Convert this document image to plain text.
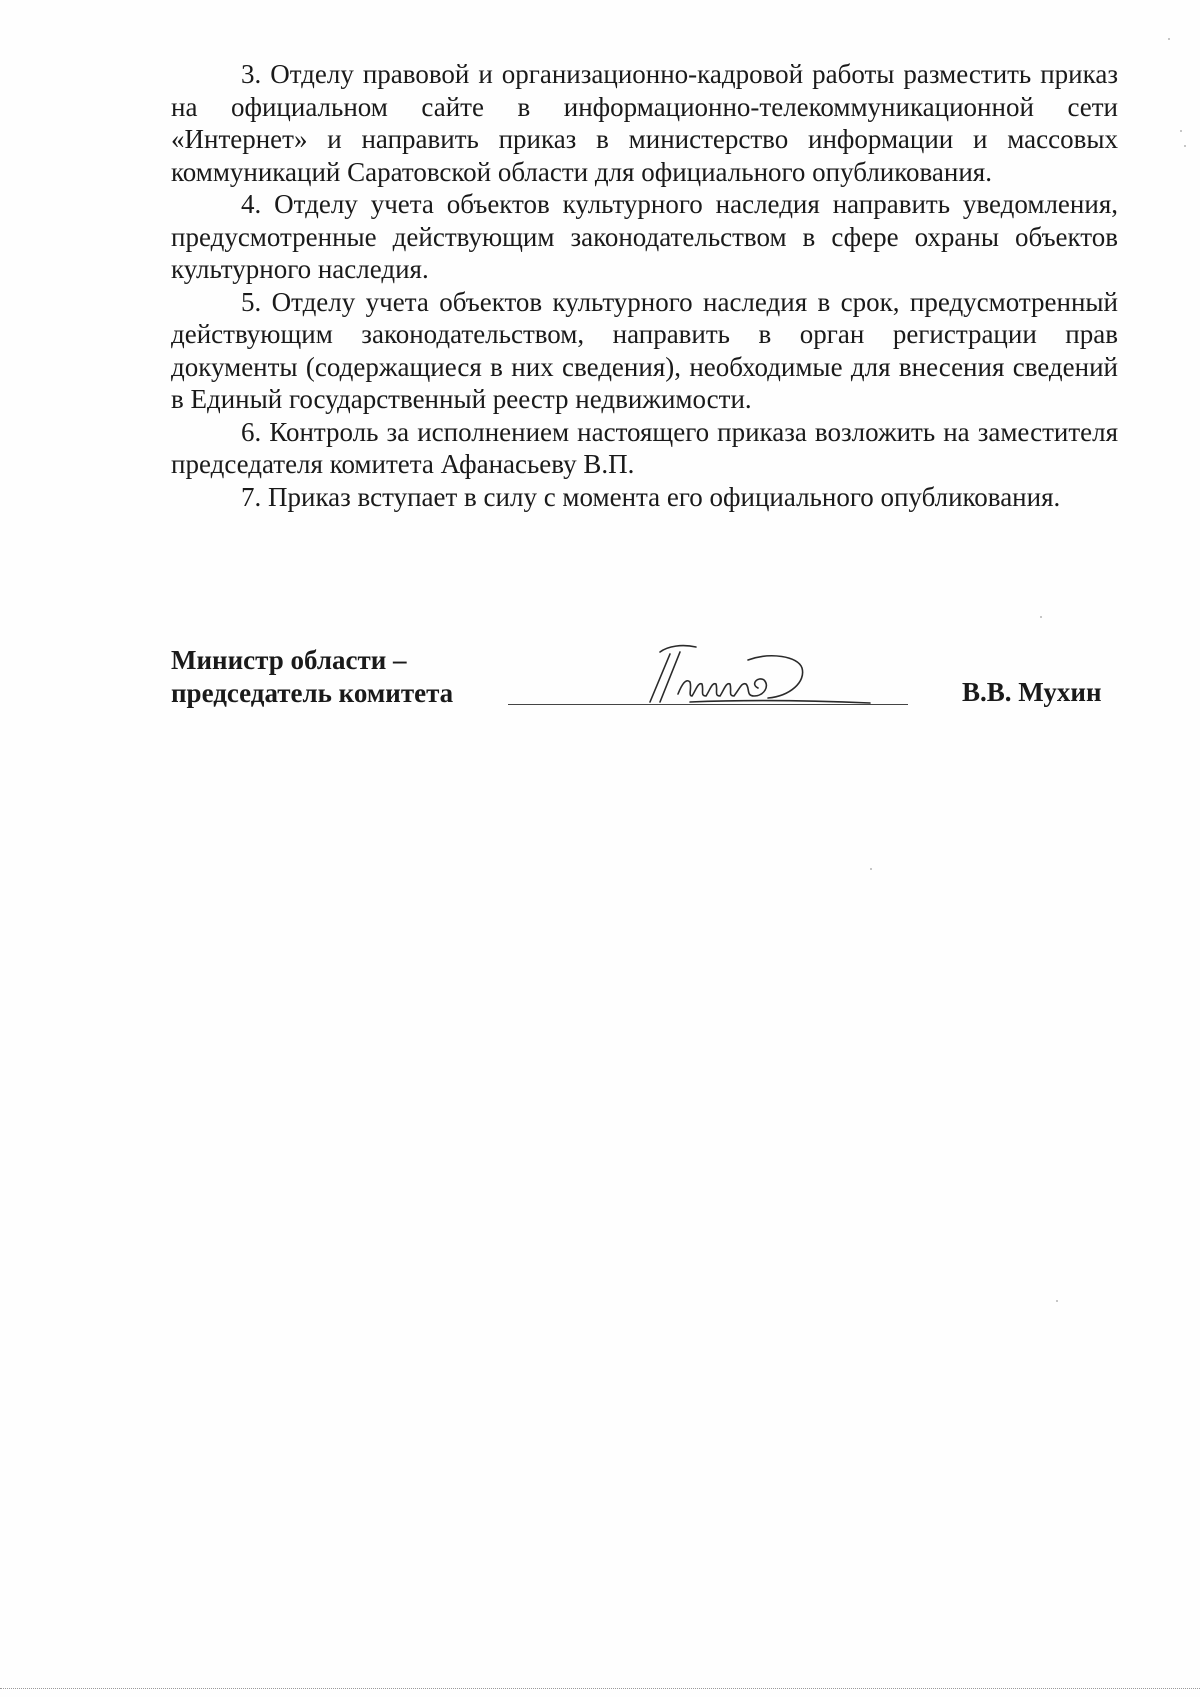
3. Отделу правовой и организационно-кадровой работы разместить приказ на официальном сайте в информационно-телекоммуникационной сети «Интернет» и направить приказ в министерство информации и массовых коммуникаций Саратовской области для официального опубликования.

4. Отделу учета объектов культурного наследия направить уведомления, предусмотренные действующим законодательством в сфере охраны объектов культурного наследия.

5. Отделу учета объектов культурного наследия в срок, предусмотренный действующим законодательством, направить в орган регистрации прав документы (содержащиеся в них сведения), необходимые для внесения сведений в Единый государственный реестр недвижимости.

6. Контроль за исполнением настоящего приказа возложить на заместителя председателя комитета Афанасьеву В.П.

7. Приказ вступает в силу с момента его официального опубликования.

Министр области –
председатель комитета	В.В. Мухин
